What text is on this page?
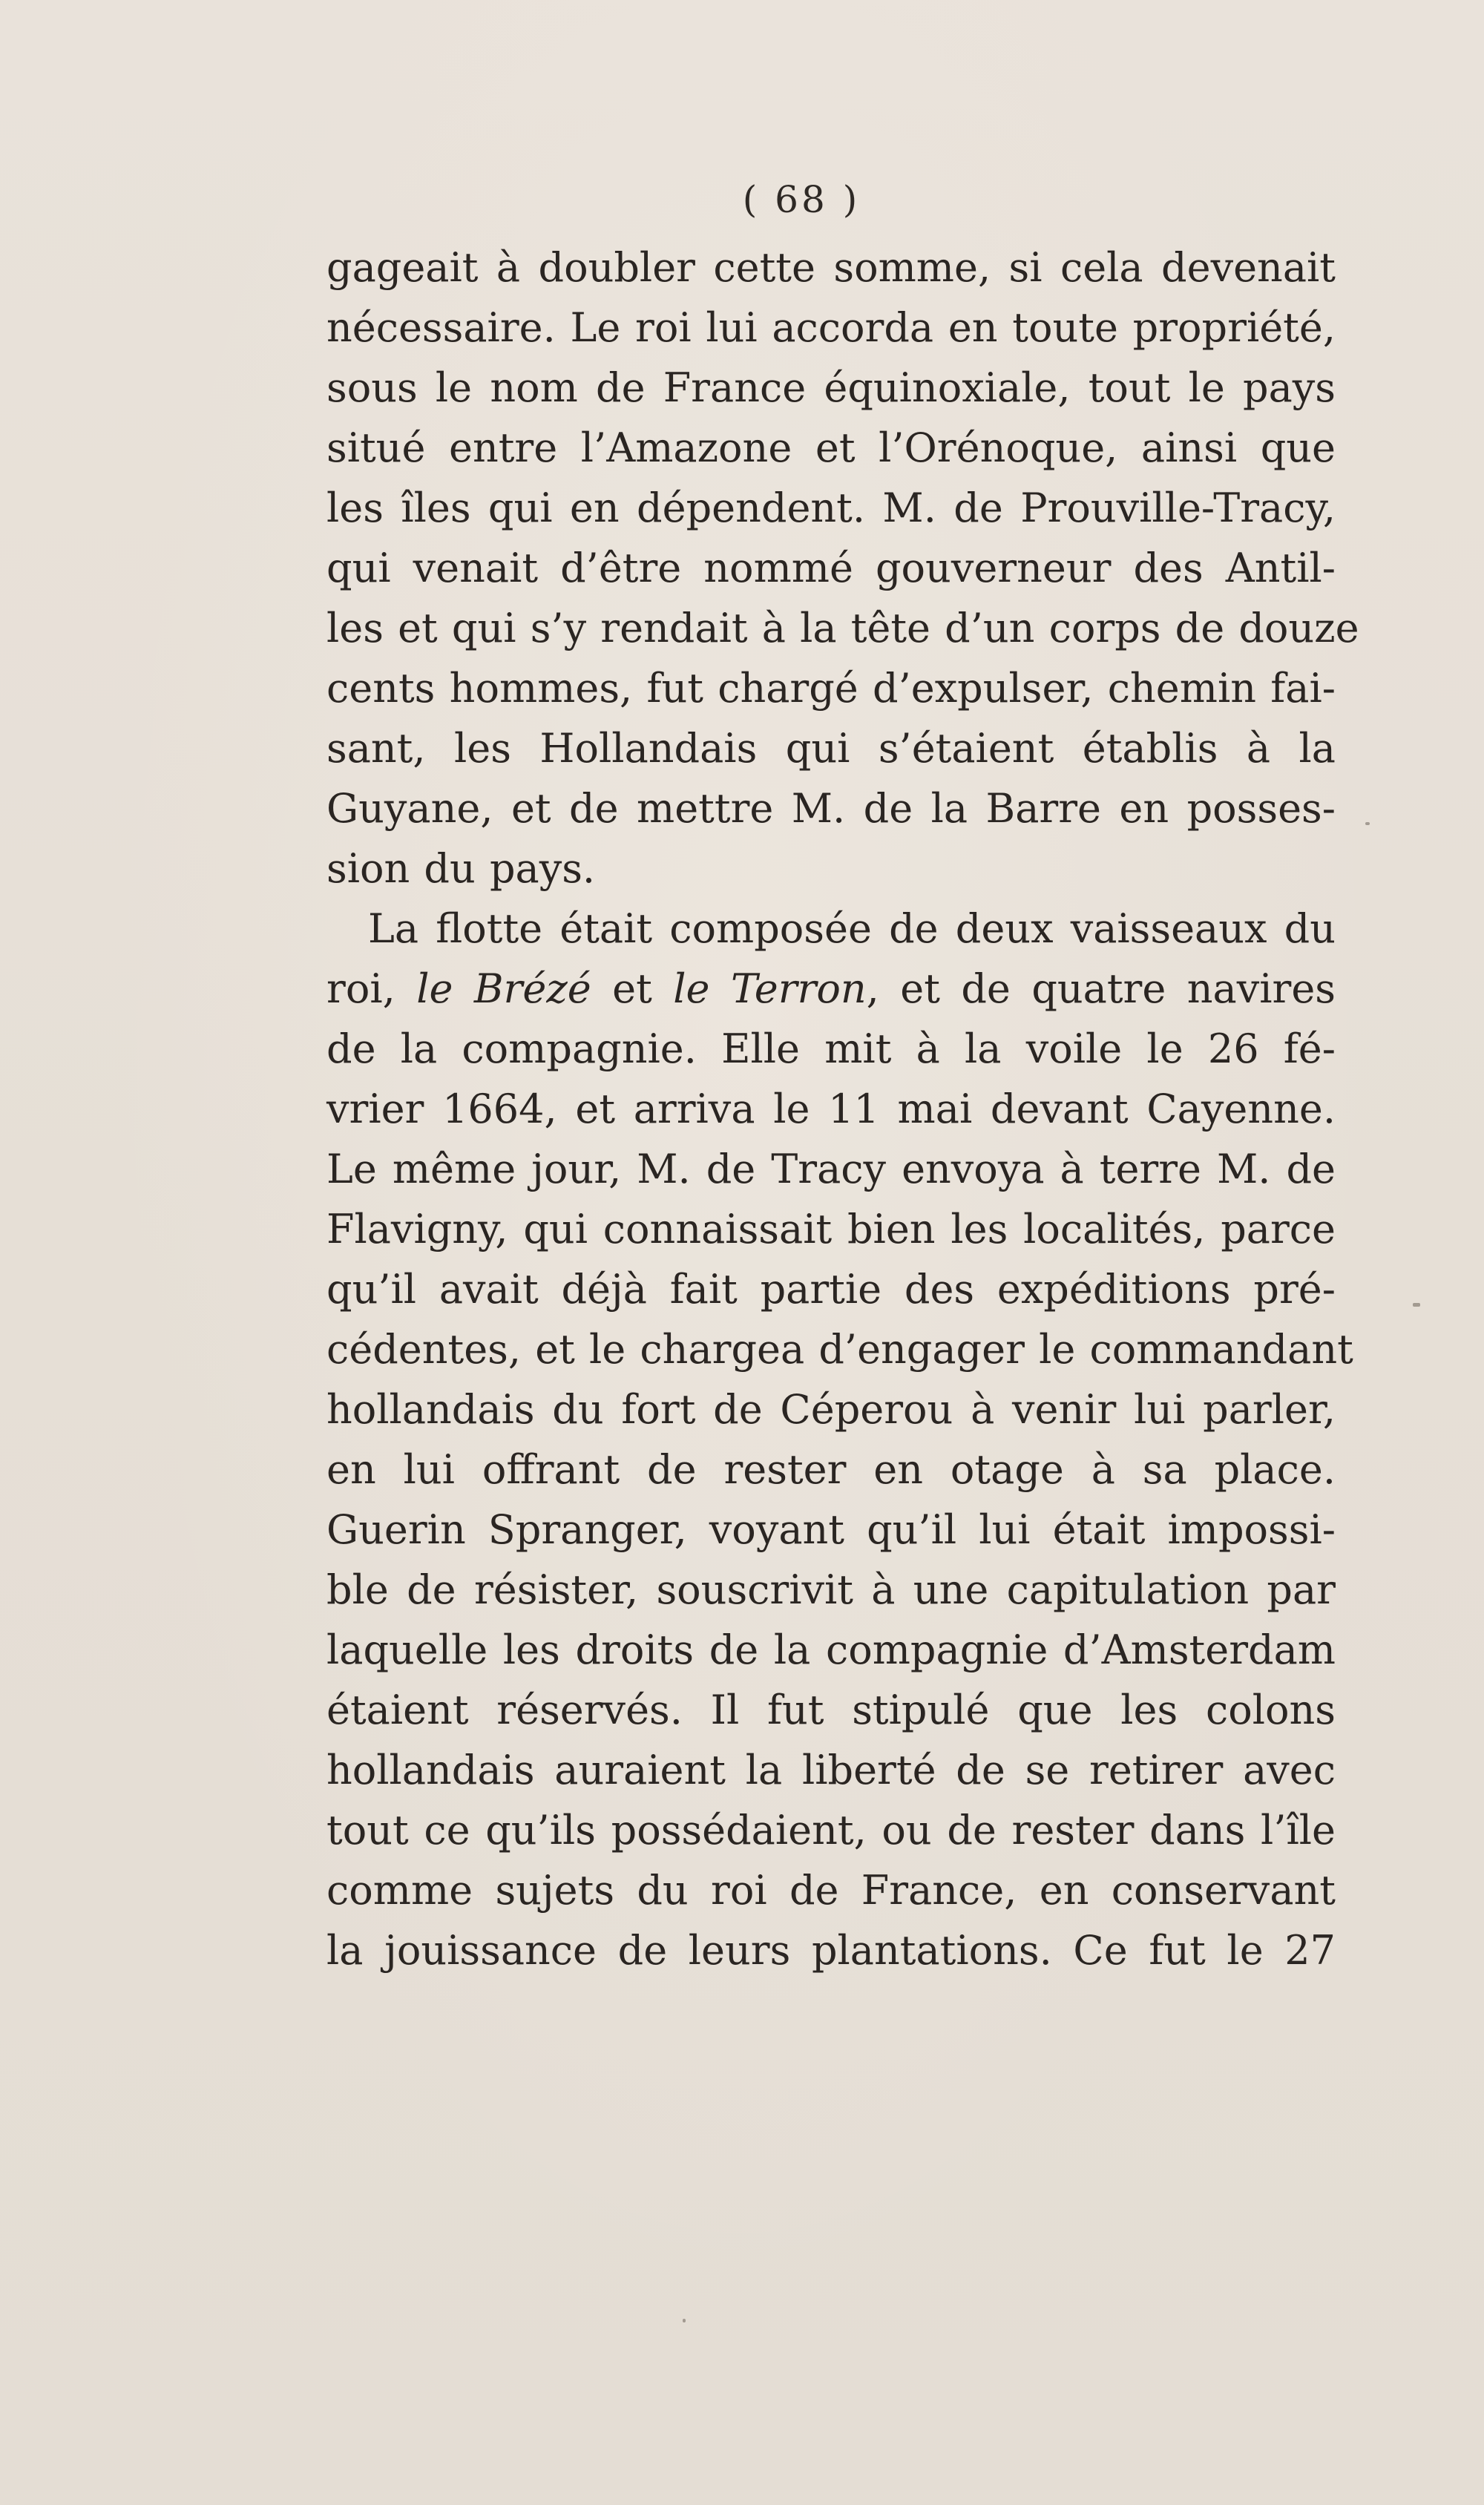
( 68 )
gageait à doubler cette somme, si cela devenait
nécessaire. Le roi lui accorda en toute propriété,
sous le nom de France équinoxiale, tout le pays
situé entre l’Amazone et l’Orénoque, ainsi que
les îles qui en dépendent. M. de Prouville-Tracy,
qui venait d’être nommé gouverneur des Antil-
les et qui s’y rendait à la tête d’un corps de douze
cents hommes, fut chargé d’expulser, chemin fai-
sant, les Hollandais qui s’étaient établis à la
Guyane, et de mettre M. de la Barre en posses-
sion du pays.
La flotte était composée de deux vaisseaux du
roi, le Brézé et le Terron, et de quatre navires
de la compagnie. Elle mit à la voile le 26 fé-
vrier 1664, et arriva le 11 mai devant Cayenne.
Le même jour, M. de Tracy envoya à terre M. de
Flavigny, qui connaissait bien les localités, parce
qu’il avait déjà fait partie des expéditions pré-
cédentes, et le chargea d’engager le commandant
hollandais du fort de Céperou à venir lui parler,
en lui offrant de rester en otage à sa place.
Guerin Spranger, voyant qu’il lui était impossi-
ble de résister, souscrivit à une capitulation par
laquelle les droits de la compagnie d’Amsterdam
étaient réservés. Il fut stipulé que les colons
hollandais auraient la liberté de se retirer avec
tout ce qu’ils possédaient, ou de rester dans l’île
comme sujets du roi de France, en conservant
la jouissance de leurs plantations. Ce fut le 27
